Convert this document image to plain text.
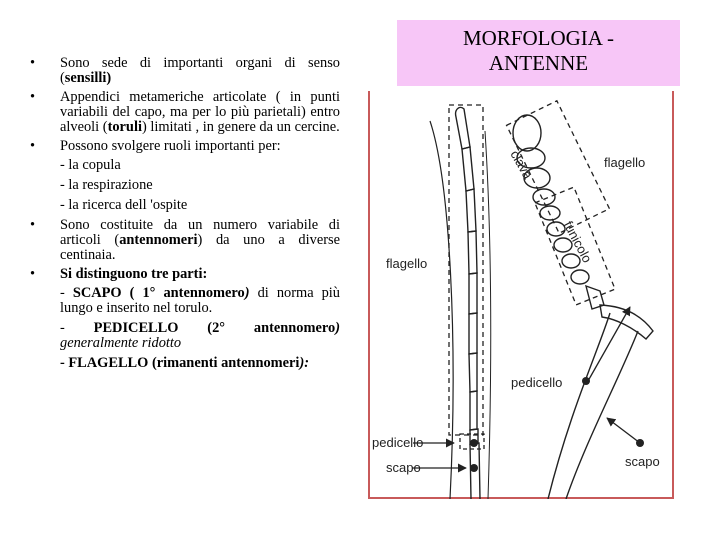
MORFOLOGIA -
ANTENNE
• Sono sede di importanti organi di senso (sensilli)
• Appendici metameriche articolate ( in punti variabili del capo, ma per lo più parietali) entro alveoli (toruli) limitati , in genere da un cercine.
• Possono svolgere ruoli importanti per:
- la copula
- la respirazione
- la ricerca dell 'ospite
• Sono costituite da un numero variabile di articoli (antennomeri) da uno a diverse centinaia.
• Si distinguono tre parti:
- SCAPO ( 1° antennomero) di norma più lungo e inserito nel torulo.
- PEDICELLO (2° antennomero) generalmente ridotto
- FLAGELLO (rimanenti antennomeri):
flagello
flagello
clava
funicolo
pedicello
pedicello
scapo	scapo
